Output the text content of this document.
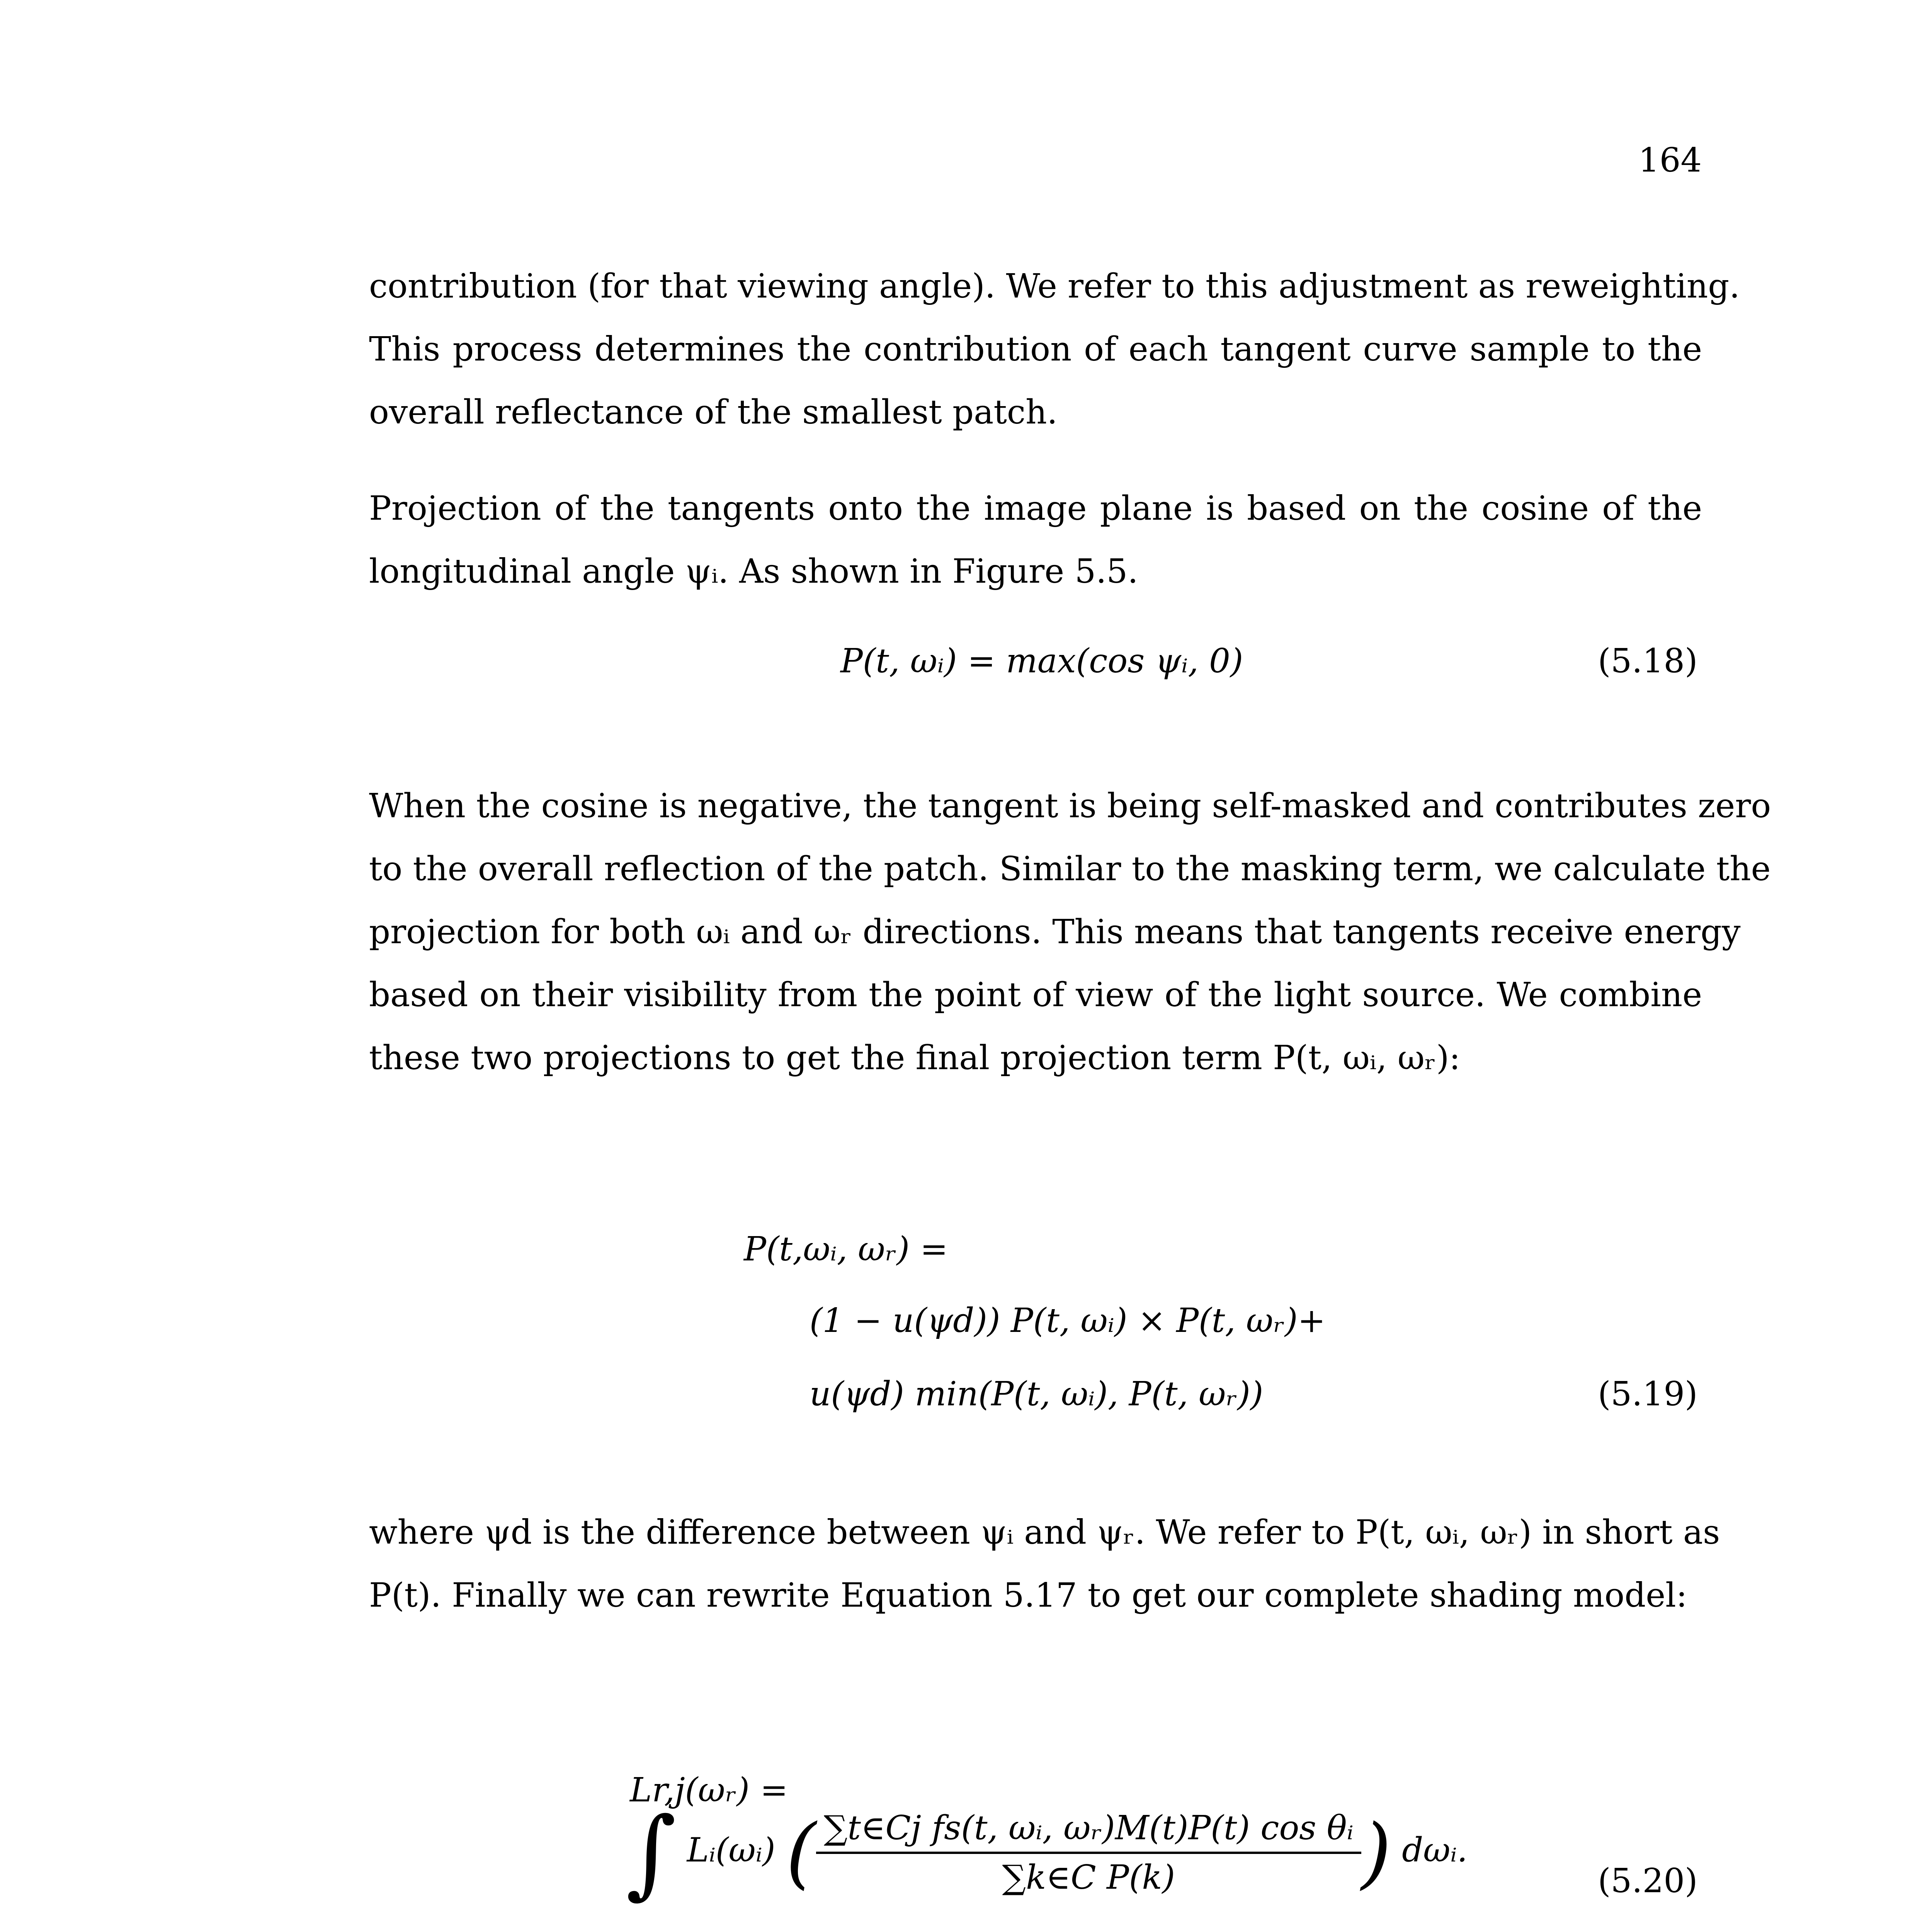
164
contribution (for that viewing angle). We refer to this adjustment as reweighting.
This process determines the contribution of each tangent curve sample to the
overall reflectance of the smallest patch.
Projection of the tangents onto the image plane is based on the cosine of the
longitudinal angle ψᵢ. As shown in Figure 5.5.
P(t, ωᵢ) = max(cos ψᵢ, 0)	(5.18)
When the cosine is negative, the tangent is being self-masked and contributes zero
to the overall reflection of the patch. Similar to the masking term, we calculate the
projection for both ωᵢ and ωᵣ directions. This means that tangents receive energy
based on their visibility from the point of view of the light source. We combine
these two projections to get the final projection term P(t, ωᵢ, ωᵣ):
P(t,ωᵢ, ωᵣ) =
(1 − u(ψd)) P(t, ωᵢ) × P(t, ωᵣ)+
u(ψd) min(P(t, ωᵢ), P(t, ωᵣ))	(5.19)
where ψd is the difference between ψᵢ and ψᵣ. We refer to P(t, ωᵢ, ωᵣ) in short as
P(t). Finally we can rewrite Equation 5.17 to get our complete shading model:
Lr,j(ωᵣ) =
∫ Lᵢ(ωᵢ) ( $\frac{\text{∑t∈Cj fs(t, ωᵢ, ωᵣ)M(t)P(t) cos θᵢ}}{\text{∑k∈C P(k)}}$ ) dωᵢ.
(5.20)
